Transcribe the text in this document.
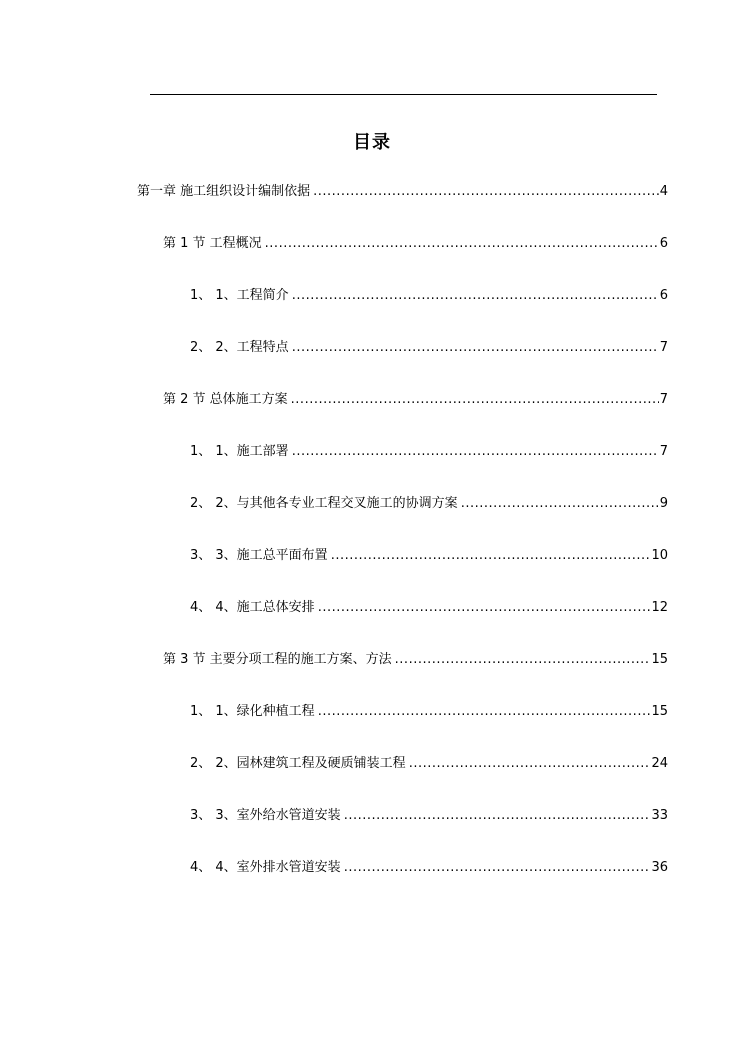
目录
第一章 施工组织设计编制依据 .....	4
第 1 节 工程概况 .....	6
1、 1、工程简介 .....	6
2、 2、工程特点 .....	7
第 2 节 总体施工方案 .....	7
1、 1、施工部署 .....	7
2、 2、与其他各专业工程交叉施工的协调方案 .....	9
3、 3、施工总平面布置 .....	10
4、 4、施工总体安排 .....	12
第 3 节 主要分项工程的施工方案、方法 .....	15
1、 1、绿化种植工程 .....	15
2、 2、园林建筑工程及硬质铺装工程 .....	24
3、 3、室外给水管道安装 .....	33
4、 4、室外排水管道安装 .....	36
